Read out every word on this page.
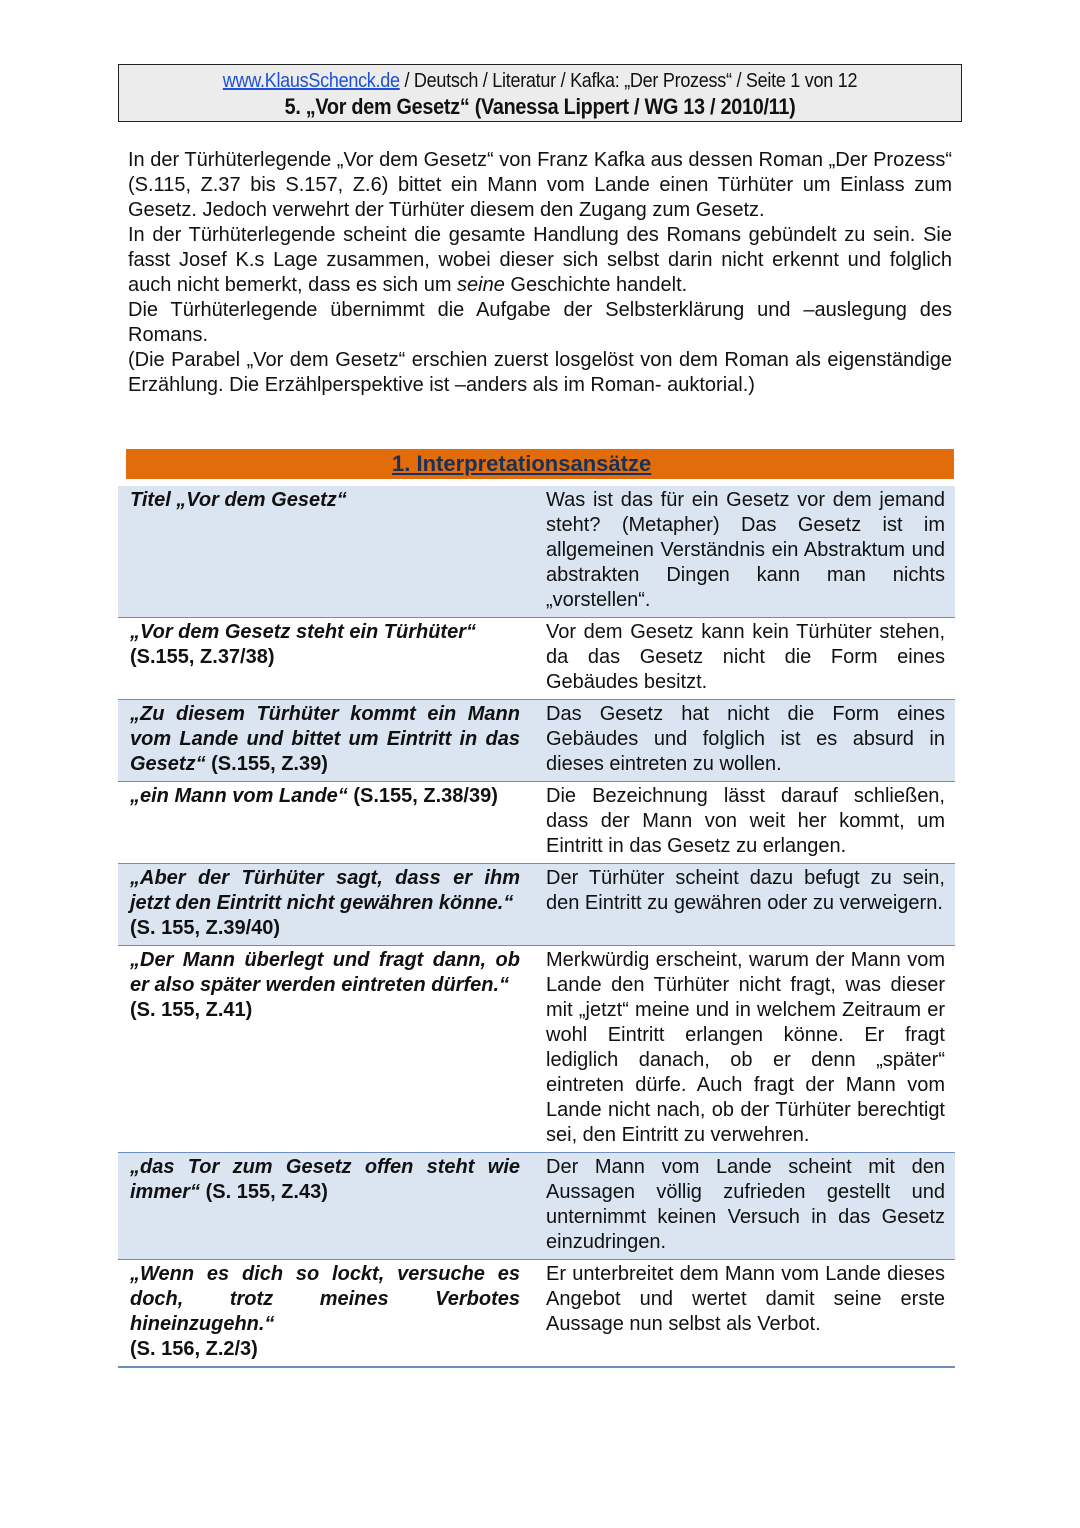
www.KlausSchenck.de / Deutsch / Literatur / Kafka: „Der Prozess“ / Seite 1 von 12
5. „Vor dem Gesetz“ (Vanessa Lippert / WG 13 / 2010/11)

In der Türhüterlegende „Vor dem Gesetz“ von Franz Kafka aus dessen Roman „Der Prozess“ (S.115, Z.37 bis S.157, Z.6) bittet ein Mann vom Lande einen Türhüter um Einlass zum Gesetz. Jedoch verwehrt der Türhüter diesem den Zugang zum Gesetz.

In der Türhüterlegende scheint die gesamte Handlung des Romans gebündelt zu sein. Sie fasst Josef K.s Lage zusammen, wobei dieser sich selbst darin nicht erkennt und folglich auch nicht bemerkt, dass es sich um seine Geschichte handelt.

Die Türhüterlegende übernimmt die Aufgabe der Selbsterklärung und –auslegung des Romans.

(Die Parabel „Vor dem Gesetz“ erschien zuerst losgelöst von dem Roman als eigenständige Erzählung. Die Erzählperspektive ist –anders als im Roman- auktorial.)

1. Interpretationsansätze
Titel „Vor dem Gesetz“	Was ist das für ein Gesetz vor dem jemand steht? (Metapher) Das Gesetz ist im allgemeinen Verständnis ein Abstraktum und abstrakten Dingen kann man nichts „vorstellen“.
„Vor dem Gesetz steht ein Türhüter“
(S.155, Z.37/38)
Vor dem Gesetz kann kein Türhüter stehen, da das Gesetz nicht die Form eines Gebäudes besitzt.
„Zu diesem Türhüter kommt ein Mann vom Lande und bittet um Eintritt in das Gesetz“ (S.155, Z.39)
Das Gesetz hat nicht die Form eines Gebäudes und folglich ist es absurd in dieses eintreten zu wollen.
„ein Mann vom Lande“ (S.155, Z.38/39)	Die Bezeichnung lässt darauf schließen, dass der Mann von weit her kommt, um Eintritt in das Gesetz zu erlangen.
„Aber der Türhüter sagt, dass er ihm jetzt den Eintritt nicht gewähren könne.“
(S. 155, Z.39/40)
Der Türhüter scheint dazu befugt zu sein, den Eintritt zu gewähren oder zu verweigern.
„Der Mann überlegt und fragt dann, ob er also später werden eintreten dürfen.“
(S. 155, Z.41)
Merkwürdig erscheint, warum der Mann vom Lande den Türhüter nicht fragt, was dieser mit „jetzt“ meine und in welchem Zeitraum er wohl Eintritt erlangen könne. Er fragt lediglich danach, ob er denn „später“ eintreten dürfe. Auch fragt der Mann vom Lande nicht nach, ob der Türhüter berechtigt sei, den Eintritt zu verwehren.
„das Tor zum Gesetz offen steht wie immer“ (S. 155, Z.43)
Der Mann vom Lande scheint mit den Aussagen völlig zufrieden gestellt und unternimmt keinen Versuch in das Gesetz einzudringen.
„Wenn es dich so lockt, versuche es doch, trotz meines Verbotes hineinzugehn.“
(S. 156, Z.2/3)
Er unterbreitet dem Mann vom Lande dieses Angebot und wertet damit seine erste Aussage nun selbst als Verbot.
